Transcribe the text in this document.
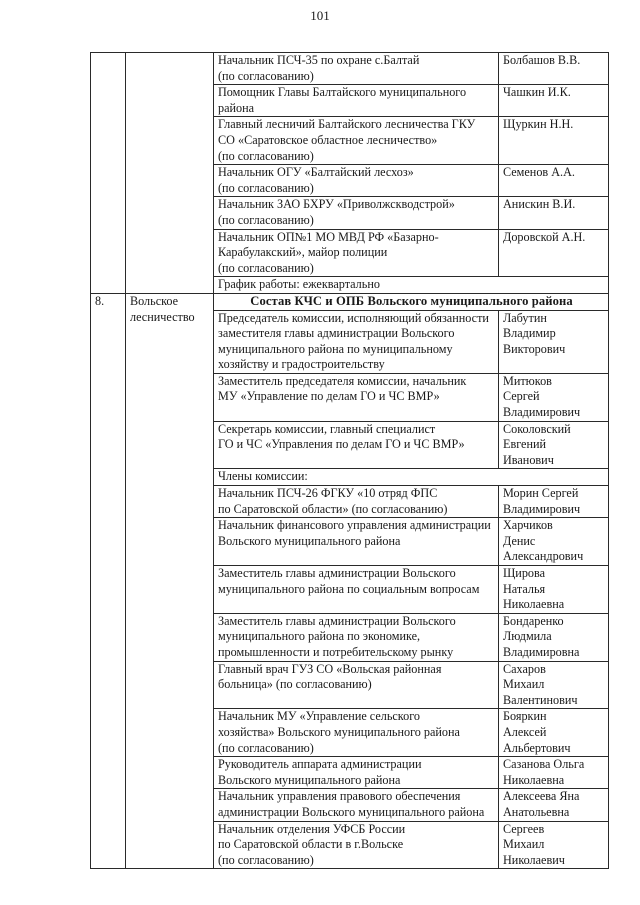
101
		Начальник ПСЧ-35 по охране с.Балтай
(по согласованию)	Болбашов В.В.
		Помощник Главы Балтайского муниципального
района	Чашкин И.К.
		Главный лесничий Балтайского лесничества ГКУ
СО «Саратовское областное лесничество»
(по согласованию)	Щуркин Н.Н.
		Начальник ОГУ «Балтайский лесхоз»
(по согласованию)	Семенов А.А.
		Начальник ЗАО БХРУ «Приволжскводстрой»
(по согласованию)	Анискин В.И.
		Начальник ОП№1 МО МВД РФ «Базарно-
Карабулакский», майор полиции
(по согласованию)	Доровской А.Н.
		График работы: ежеквартально	
8.	Вольское
лесничество	Состав КЧС и ОПБ Вольского муниципального района	
		Председатель комиссии, исполняющий обязанности
заместителя главы администрации Вольского
муниципального района по муниципальному
хозяйству и градостроительству	Лабутин
Владимир
Викторович
		Заместитель председателя комиссии, начальник
МУ «Управление по делам ГО и ЧС ВМР»	Митюков
Сергей
Владимирович
		Секретарь комиссии, главный специалист
ГО и ЧС «Управления по делам ГО и ЧС ВМР»	Соколовский
Евгений
Иванович
		Члены комиссии:	
		Начальник ПСЧ-26 ФГКУ «10 отряд ФПС
по Саратовской области» (по согласованию)	Морин Сергей
Владимирович
		Начальник финансового управления администрации
Вольского муниципального района	Харчиков
Денис
Александрович
		Заместитель главы администрации Вольского
муниципального района по социальным вопросам	Щирова
Наталья
Николаевна
		Заместитель главы администрации Вольского
муниципального района по экономике,
промышленности и потребительскому рынку	Бондаренко
Людмила
Владимировна
		Главный врач ГУЗ СО «Вольская районная
больница» (по согласованию)	Сахаров
Михаил
Валентинович
		Начальник МУ «Управление сельского
хозяйства» Вольского муниципального района
(по согласованию)	Бояркин
Алексей
Альбертович
		Руководитель аппарата администрации
Вольского муниципального района	Сазанова Ольга
Николаевна
		Начальник управления правового обеспечения
администрации Вольского муниципального района	Алексеева Яна
Анатольевна
		Начальник отделения УФСБ России
по Саратовской области в г.Вольске
(по согласованию)	Сергеев
Михаил
Николаевич
